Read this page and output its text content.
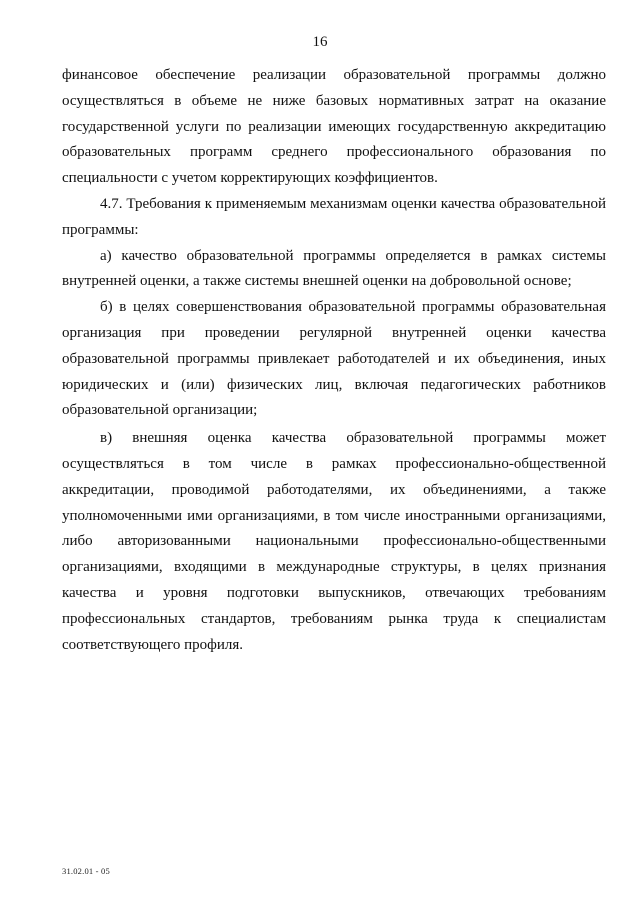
16

финансовое обеспечение реализации образовательной программы должно осуществляться в объеме не ниже базовых нормативных затрат на оказание государственной услуги по реализации имеющих государственную аккредитацию образовательных программ среднего профессионального образования по специальности с учетом корректирующих коэффициентов.

4.7. Требования к применяемым механизмам оценки качества образовательной программы:

а) качество образовательной программы определяется в рамках системы внутренней оценки, а также системы внешней оценки на добровольной основе;

б) в целях совершенствования образовательной программы образовательная организация при проведении регулярной внутренней оценки качества образовательной программы привлекает работодателей и их объединения, иных юридических и (или) физических лиц, включая педагогических работников образовательной организации;

в) внешняя оценка качества образовательной программы может осуществляться в том числе в рамках профессионально-общественной аккредитации, проводимой работодателями, их объединениями, а также уполномоченными ими организациями, в том числе иностранными организациями, либо авторизованными национальными профессионально-общественными организациями, входящими в международные структуры, в целях признания качества и уровня подготовки выпускников, отвечающих требованиям профессиональных стандартов, требованиям рынка труда к специалистам соответствующего профиля.

31.02.01 - 05
